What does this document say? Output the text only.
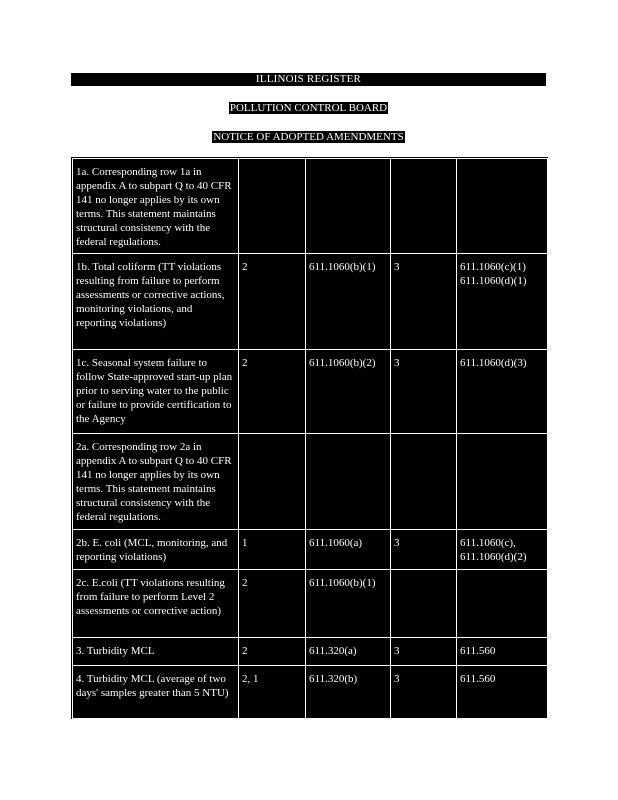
ILLINOIS REGISTER
POLLUTION CONTROL BOARD
NOTICE OF ADOPTED AMENDMENTS
1a. Corresponding row 1a in appendix A to subpart Q to 40 CFR 141 no longer applies by its own terms. This statement maintains structural consistency with the federal regulations.				

1b. Total coliform (TT violations resulting from failure to perform assessments or corrective actions, monitoring violations, and reporting violations)	2	611.1060(b)(1)	3	611.1060(c)(1)
611.1060(d)(1)

1c. Seasonal system failure to follow State-approved start-up plan prior to serving water to the public or failure to provide certification to the Agency	2	611.1060(b)(2)	3	611.1060(d)(3)

2a. Corresponding row 2a in appendix A to subpart Q to 40 CFR 141 no longer applies by its own terms. This statement maintains structural consistency with the federal regulations.				

2b. E. coli (MCL, monitoring, and reporting violations)	1	611.1060(a)	3	611.1060(c),
611.1060(d)(2)

2c. E.coli (TT violations resulting from failure to perform Level 2 assessments or corrective action)	2	611.1060(b)(1)		

3. Turbidity MCL	2	611.320(a)	3	611.560

4. Turbidity MCL (average of two days' samples greater than 5 NTU)	2, 1	611.320(b)	3	611.560
